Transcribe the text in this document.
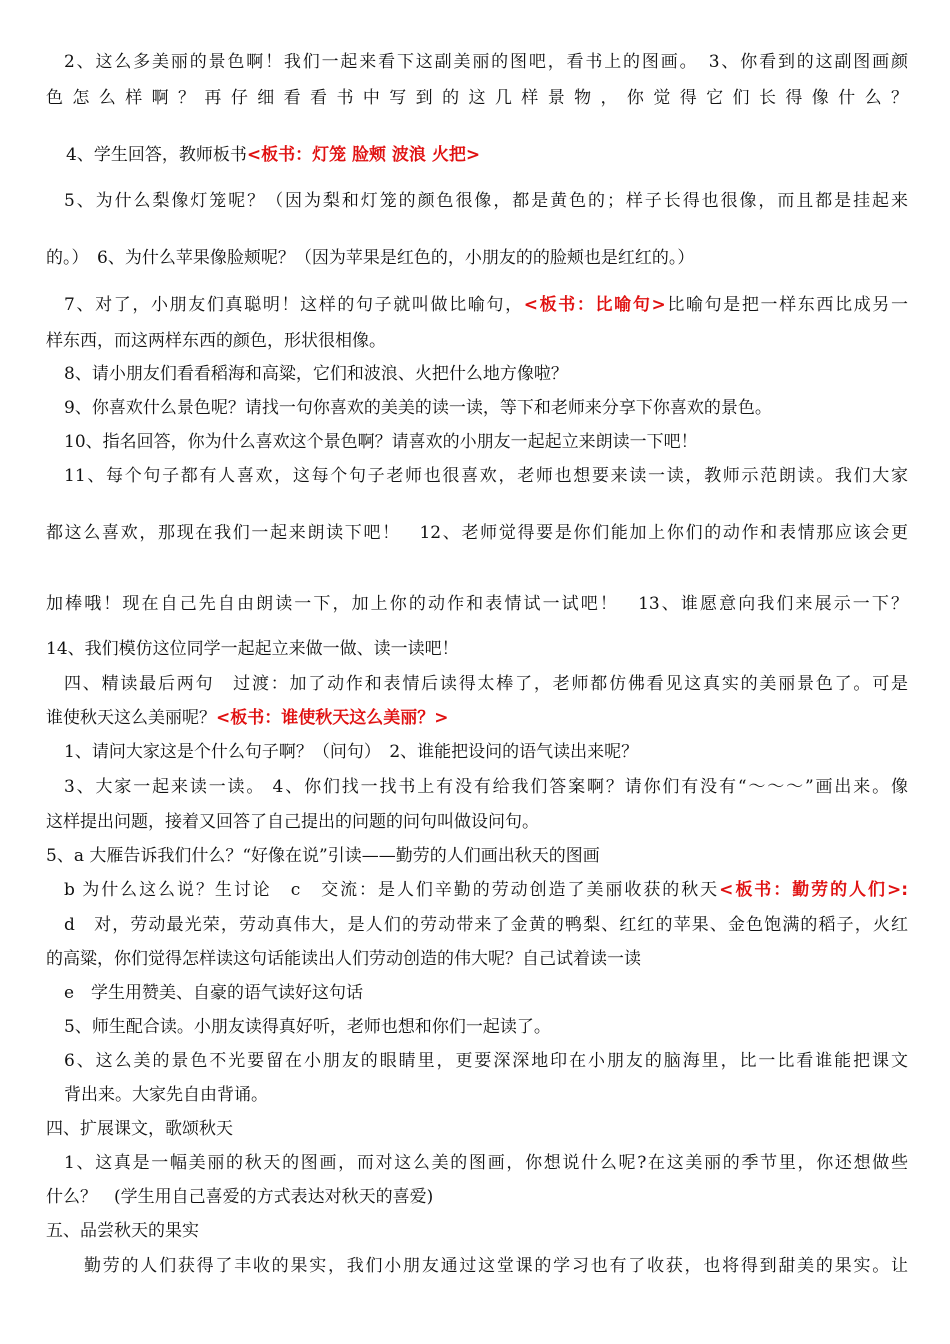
2、这么多美丽的景色啊！我们一起来看下这副美丽的图吧，看书上的图画。　3、你看到的这副图画颜
色怎么样啊？再仔细看看书中写到的这几样景物，你觉得它们长得像什么？
4、学生回答，教师板书<板书：灯笼 脸颊 波浪 火把>
5、为什么梨像灯笼呢？（因为梨和灯笼的颜色很像，都是黄色的；样子长得也很像，而且都是挂起来
的。）　6、为什么苹果像脸颊呢？（因为苹果是红色的，小朋友的的脸颊也是红红的。）
7、对了，小朋友们真聪明！这样的句子就叫做比喻句，<板书：比喻句>比喻句是把一样东西比成另一
样东西，而这两样东西的颜色，形状很相像。
8、请小朋友们看看稻海和高粱，它们和波浪、火把什么地方像啦？
9、你喜欢什么景色呢？请找一句你喜欢的美美的读一读，等下和老师来分享下你喜欢的景色。
10、指名回答，你为什么喜欢这个景色啊？请喜欢的小朋友一起起立来朗读一下吧！
11、每个句子都有人喜欢，这每个句子老师也很喜欢，老师也想要来读一读，教师示范朗读。我们大家
都这么喜欢，那现在我们一起来朗读下吧！　12、老师觉得要是你们能加上你们的动作和表情那应该会更
加棒哦！现在自己先自由朗读一下，加上你的动作和表情试一试吧！　13、谁愿意向我们来展示一下？
14、我们模仿这位同学一起起立来做一做、读一读吧！
四、精读最后两句　过渡：加了动作和表情后读得太棒了，老师都仿佛看见这真实的美丽景色了。可是
谁使秋天这么美丽呢？<板书：谁使秋天这么美丽？>
1、请问大家这是个什么句子啊？（问句）　2、谁能把设问的语气读出来呢？
3、大家一起来读一读。 4、你们找一找书上有没有给我们答案啊？请你们有没有“～～～”画出来。像
这样提出问题，接着又回答了自己提出的问题的问句叫做设问句。
5、a 大雁告诉我们什么？“好像在说”引读——勤劳的人们画出秋天的图画
b 为什么这么说？生讨论　c　交流：是人们辛勤的劳动创造了美丽收获的秋天<板书：勤劳的人们>:
d　对，劳动最光荣，劳动真伟大，是人们的劳动带来了金黄的鸭梨、红红的苹果、金色饱满的稻子，火红
的高粱，你们觉得怎样读这句话能读出人们劳动创造的伟大呢？自己试着读一读
e　学生用赞美、自豪的语气读好这句话
5、师生配合读。小朋友读得真好听，老师也想和你们一起读了。
6、这么美的景色不光要留在小朋友的眼睛里，更要深深地印在小朋友的脑海里，比一比看谁能把课文
背出来。大家先自由背诵。
四、扩展课文，歌颂秋天
1、这真是一幅美丽的秋天的图画，而对这么美的图画，你想说什么呢?在这美丽的季节里，你还想做些
什么？　(学生用自己喜爱的方式表达对秋天的喜爱)
五、品尝秋天的果实
勤劳的人们获得了丰收的果实，我们小朋友通过这堂课的学习也有了收获，也将得到甜美的果实。让
